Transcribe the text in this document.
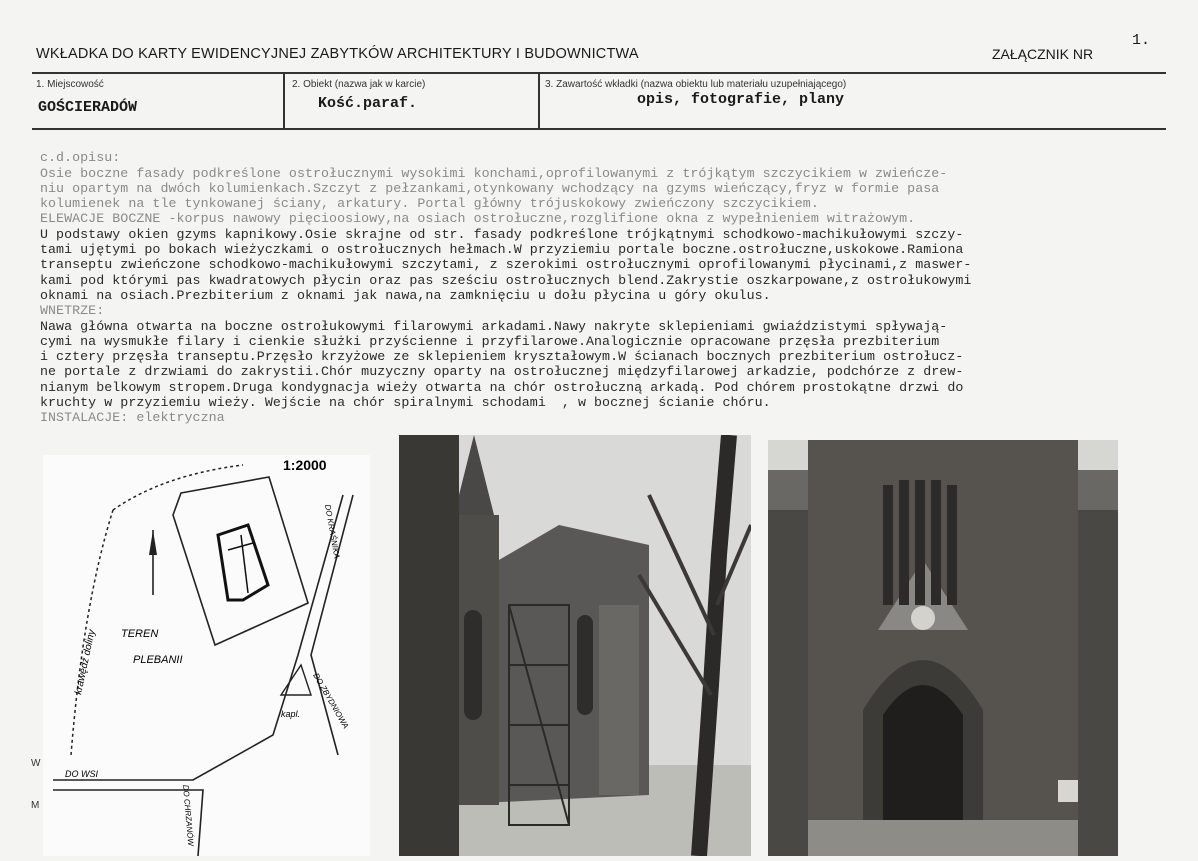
WKŁADKA DO KARTY EWIDENCYJNEJ ZABYTKÓW ARCHITEKTURY I BUDOWNICTWA	ZAŁĄCZNIK NR
1.
1. Miejscowość
GOŚCIERADÓW
2. Obiekt (nazwa jak w karcie)
Kość.paraf.
3. Zawartość wkładki (nazwa obiektu lub materiału uzupełniającego)
opis, fotografie, plany

c.d.opisu:
Osie boczne fasady podkreślone ostrołucznymi wysokimi konchami,oprofilowanymi z trójkątym szczycikiem w zwieńcze-
niu opartym na dwóch kolumienkach.Szczyt z pełzankami,otynkowany wchodzący na gzyms wieńczący,fryz w formie pasa
kolumienek na tle tynkowanej ściany, arkatury. Portal główny trójuskokowy zwieńczony szczycikiem.
ELEWACJE BOCZNE -korpus nawowy pięcioosiowy,na osiach ostrołuczne,rozglifione okna z wypełnieniem witrażowym.
U podstawy okien gzyms kapnikowy.Osie skrajne od str. fasady podkreślone trójkątnymi schodkowo-machikułowymi szczy-
tami ujętymi po bokach wieżyczkami o ostrołucznych hełmach.W przyziemiu portale boczne.ostrołuczne,uskokowe.Ramiona
transeptu zwieńczone schodkowo-machikułowymi szczytami, z szerokimi ostrołucznymi oprofilowanymi płycinami,z maswer-
kami pod którymi pas kwadratowych płycin oraz pas sześciu ostrołucznych blend.Zakrystie oszkarpowane,z ostrołukowymi
oknami na osiach.Prezbiterium z oknami jak nawa,na zamknięciu u dołu płycina u góry okulus.
WNETRZE:
Nawa główna otwarta na boczne ostrołukowymi filarowymi arkadami.Nawy nakryte sklepieniami gwiaździstymi spływają-
cymi na wysmukłe filary i cienkie służki przyścienne i przyfilarowe.Analogicznie opracowane przęsła prezbiterium
i cztery przęsła transeptu.Przęsło krzyżowe ze sklepieniem kryształowym.W ścianach bocznych prezbiterium ostrołucz-
ne portale z drzwiami do zakrystii.Chór muzyczny oparty na ostrołucznej międzyfilarowej arkadzie, podchórze z drew-
nianym belkowym stropem.Druga kondygnacja wieży otwarta na chór ostrołuczną arkadą. Pod chórem prostokątne drzwi do
kruchty w przyziemiu wieży. Wejście na chór spiralnymi schodami  , w bocznej ścianie chóru.
INSTALACJE: elektryczna

1:2000
krawędź doliny TEREN
PLEBANII
kapl.
DO WSI
DO CHRZANÓW
DO KRAŚNIKA
DO ZBYDNIOWA
W
M
